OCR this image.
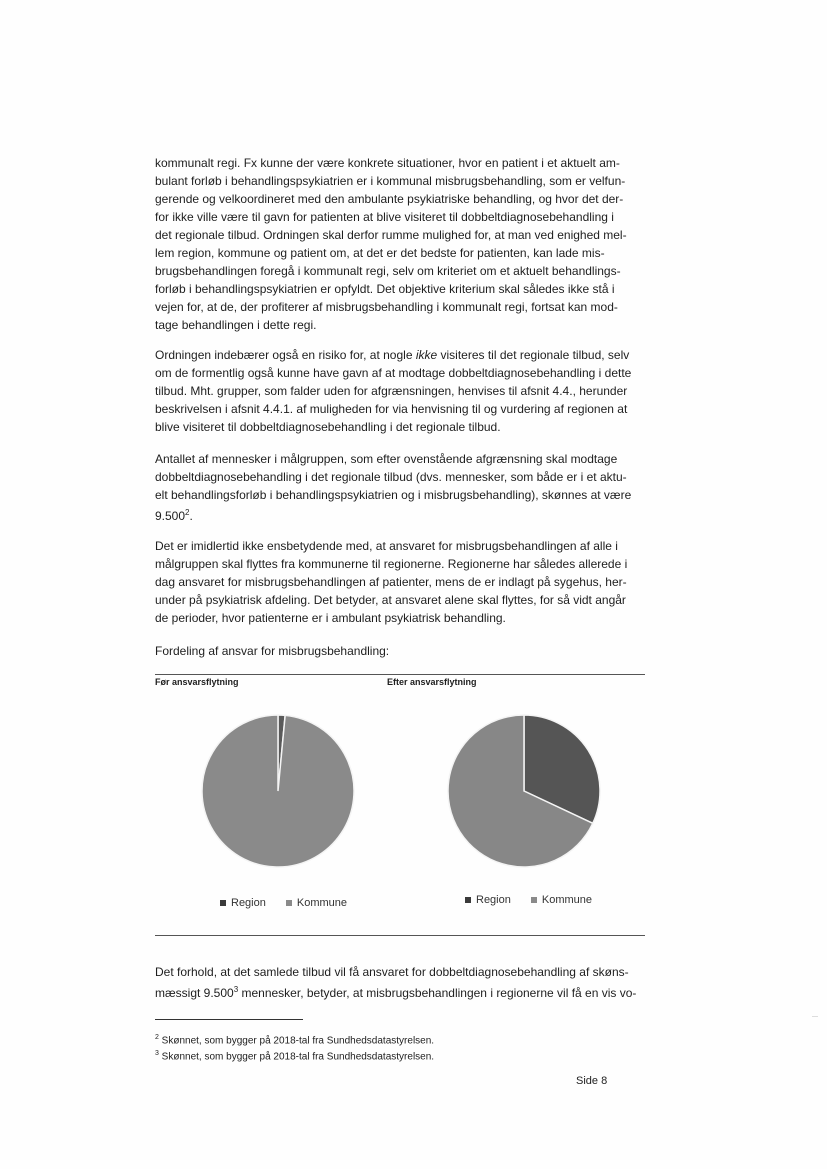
kommunalt regi. Fx kunne der være konkrete situationer, hvor en patient i et aktuelt am-
bulant forløb i behandlingspsykiatrien er i kommunal misbrugsbehandling, som er velfun-
gerende og velkoordineret med den ambulante psykiatriske behandling, og hvor det der-
for ikke ville være til gavn for patienten at blive visiteret til dobbeltdiagnosebehandling i
det regionale tilbud. Ordningen skal derfor rumme mulighed for, at man ved enighed mel-
lem region, kommune og patient om, at det er det bedste for patienten, kan lade mis-
brugsbehandlingen foregå i kommunalt regi, selv om kriteriet om et aktuelt behandlings-
forløb i behandlingspsykiatrien er opfyldt. Det objektive kriterium skal således ikke stå i
vejen for, at de, der profiterer af misbrugsbehandling i kommunalt regi, fortsat kan mod-
tage behandlingen i dette regi.

Ordningen indebærer også en risiko for, at nogle ikke visiteres til det regionale tilbud, selv
om de formentlig også kunne have gavn af at modtage dobbeltdiagnosebehandling i dette
tilbud. Mht. grupper, som falder uden for afgrænsningen, henvises til afsnit 4.4., herunder
beskrivelsen i afsnit 4.4.1. af muligheden for via henvisning til og vurdering af regionen at
blive visiteret til dobbeltdiagnosebehandling i det regionale tilbud.

Antallet af mennesker i målgruppen, som efter ovenstående afgrænsning skal modtage
dobbeltdiagnosebehandling i det regionale tilbud (dvs. mennesker, som både er i et aktu-
elt behandlingsforløb i behandlingspsykiatrien og i misbrugsbehandling), skønnes at være
9.500$^2$.

Det er imidlertid ikke ensbetydende med, at ansvaret for misbrugsbehandlingen af alle i
målgruppen skal flyttes fra kommunerne til regionerne. Regionerne har således allerede i
dag ansvaret for misbrugsbehandlingen af patienter, mens de er indlagt på sygehus, her-
under på psykiatrisk afdeling. Det betyder, at ansvaret alene skal flyttes, for så vidt angår
de perioder, hvor patienterne er i ambulant psykiatrisk behandling.

Fordeling af ansvar for misbrugsbehandling:
Før ansvarsflytning	Efter ansvarsflytning
Region	Kommune	Region	Kommune

Det forhold, at det samlede tilbud vil få ansvaret for dobbeltdiagnosebehandling af skøns-
mæssigt 9.500$^3$ mennesker, betyder, at misbrugsbehandlingen i regionerne vil få en vis vo-

$^2$ Skønnet, som bygger på 2018-tal fra Sundhedsdatastyrelsen.
$^3$ Skønnet, som bygger på 2018-tal fra Sundhedsdatastyrelsen.
Side 8
